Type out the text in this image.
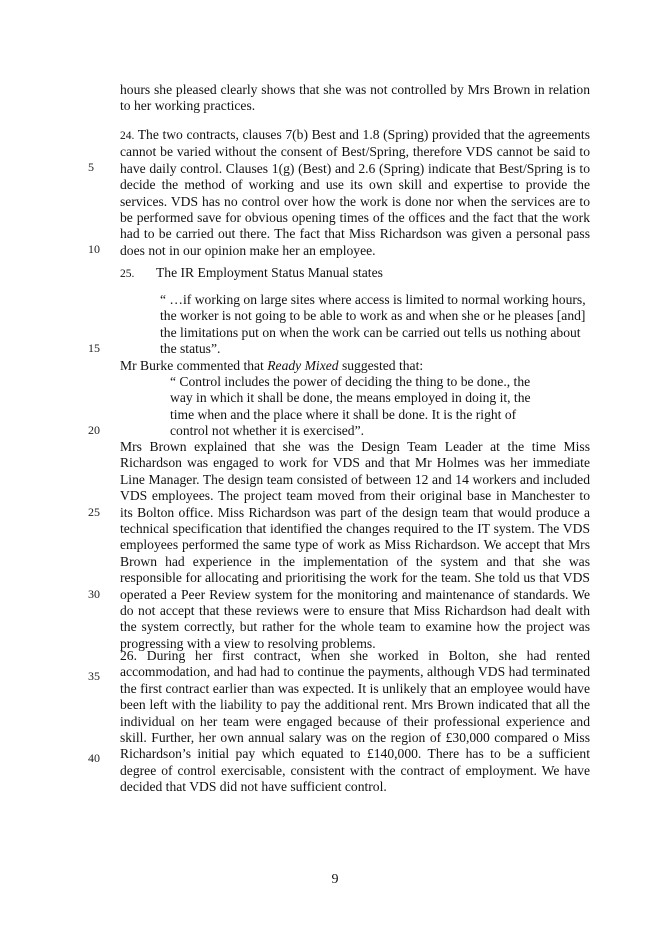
5
10
15
20
25
30
35
40
hours she pleased clearly shows that she was not controlled by Mrs Brown in relation to her working practices.
24. The two contracts, clauses 7(b) Best and 1.8 (Spring) provided that the agreements cannot be varied without the consent of Best/Spring, therefore VDS cannot be said to have daily control. Clauses 1(g) (Best) and 2.6 (Spring) indicate that Best/Spring is to decide the method of working and use its own skill and expertise to provide the services. VDS has no control over how the work is done nor when the services are to be performed save for obvious opening times of the offices and the fact that the work had to be carried out there. The fact that Miss Richardson was given a personal pass does not in our opinion make her an employee.
25. The IR Employment Status Manual states
“ …if working on large sites where access is limited to normal working hours, the worker is not going to be able to work as and when she or he pleases [and] the limitations put on when the work can be carried out tells us nothing about the status”.
Mr Burke commented that Ready Mixed suggested that:
“ Control includes the power of deciding the thing to be done., the way in which it shall be done, the means employed in doing it, the time when and the place where it shall be done. It is the right of control not whether it is exercised”.
Mrs Brown explained that she was the Design Team Leader at the time Miss Richardson was engaged to work for VDS and that Mr Holmes was her immediate Line Manager. The design team consisted of between 12 and 14 workers and included VDS employees. The project team moved from their original base in Manchester to its Bolton office. Miss Richardson was part of the design team that would produce a technical specification that identified the changes required to the IT system. The VDS employees performed the same type of work as Miss Richardson. We accept that Mrs Brown had experience in the implementation of the system and that she was responsible for allocating and prioritising the work for the team. She told us that VDS operated a Peer Review system for the monitoring and maintenance of standards. We do not accept that these reviews were to ensure that Miss Richardson had dealt with the system correctly, but rather for the whole team to examine how the project was progressing with a view to resolving problems.
26. During her first contract, when she worked in Bolton, she had rented accommodation, and had had to continue the payments, although VDS had terminated the first contract earlier than was expected. It is unlikely that an employee would have been left with the liability to pay the additional rent. Mrs Brown indicated that all the individual on her team were engaged because of their professional experience and skill. Further, her own annual salary was on the region of £30,000 compared o Miss Richardson’s initial pay which equated to £140,000. There has to be a sufficient degree of control exercisable, consistent with the contract of employment. We have decided that VDS did not have sufficient control.
9
